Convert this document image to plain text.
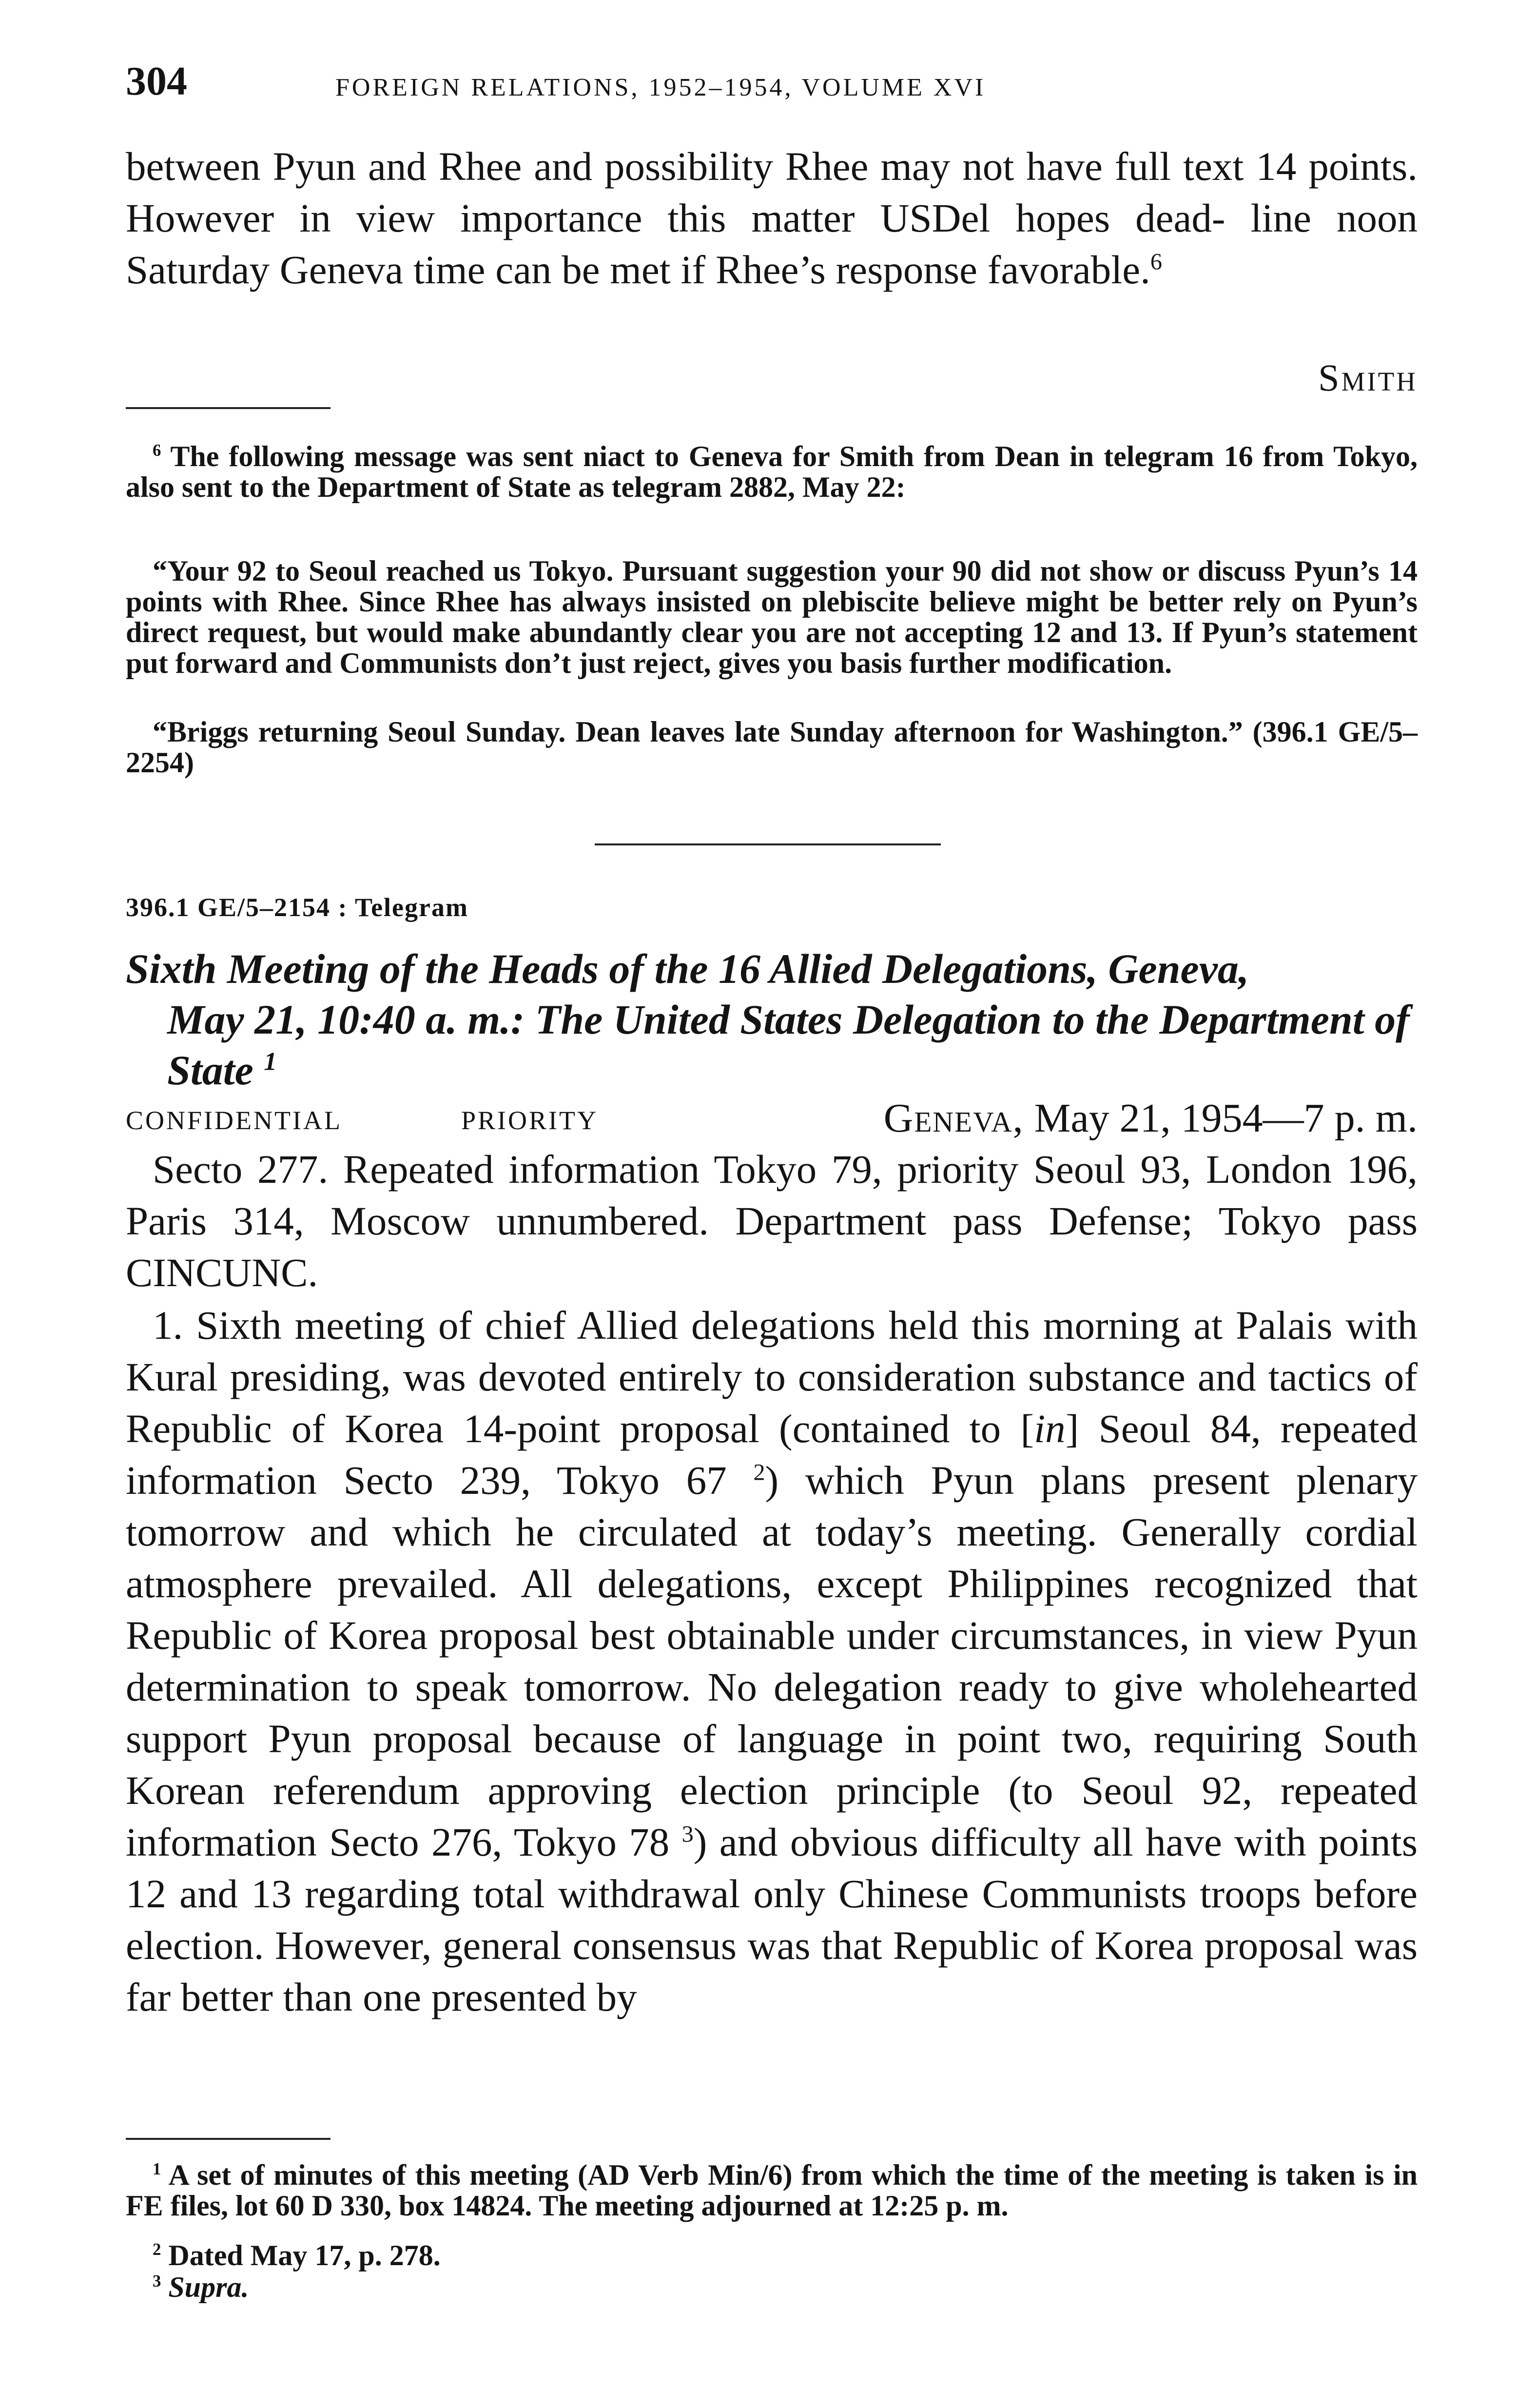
304	FOREIGN RELATIONS, 1952–1954, VOLUME XVI

between Pyun and Rhee and possibility Rhee may not have full text 14 points. However in view importance this matter USDel hopes dead- line noon Saturday Geneva time can be met if Rhee’s response favorable.$^6$

Smith

$^6$ The following message was sent niact to Geneva for Smith from Dean in telegram 16 from Tokyo, also sent to the Department of State as telegram 2882, May 22:

“Your 92 to Seoul reached us Tokyo. Pursuant suggestion your 90 did not show or discuss Pyun’s 14 points with Rhee. Since Rhee has always insisted on plebiscite believe might be better rely on Pyun’s direct request, but would make abundantly clear you are not accepting 12 and 13. If Pyun’s statement put forward and Communists don’t just reject, gives you basis further modification.

“Briggs returning Seoul Sunday. Dean leaves late Sunday afternoon for Washington.” (396.1 GE/5–2254)

396.1 GE/5–2154 : Telegram
Sixth Meeting of the Heads of the 16 Allied Delegations, Geneva,
May 21, 10:40 a. m.: The United States Delegation to the Department of State $^1$
CONFIDENTIAL	PRIORITY	Geneva, May 21, 1954—7 p. m.

Secto 277. Repeated information Tokyo 79, priority Seoul 93, London 196, Paris 314, Moscow unnumbered. Department pass Defense; Tokyo pass CINCUNC.

1. Sixth meeting of chief Allied delegations held this morning at Palais with Kural presiding, was devoted entirely to consideration substance and tactics of Republic of Korea 14-point proposal (contained to [in] Seoul 84, repeated information Secto 239, Tokyo 67 $^2$) which Pyun plans present plenary tomorrow and which he circulated at today’s meeting. Generally cordial atmosphere prevailed. All delegations, except Philippines recognized that Republic of Korea proposal best obtainable under circumstances, in view Pyun determination to speak tomorrow. No delegation ready to give wholehearted support Pyun proposal because of language in point two, requiring South Korean referendum approving election principle (to Seoul 92, repeated information Secto 276, Tokyo 78 $^3$) and obvious difficulty all have with points 12 and 13 regarding total withdrawal only Chinese Communists troops before election. However, general consensus was that Republic of Korea proposal was far better than one presented by

$^1$ A set of minutes of this meeting (AD Verb Min/6) from which the time of the meeting is taken is in FE files, lot 60 D 330, box 14824. The meeting adjourned at 12:25 p. m.

$^2$ Dated May 17, p. 278.

$^3$ Supra.
